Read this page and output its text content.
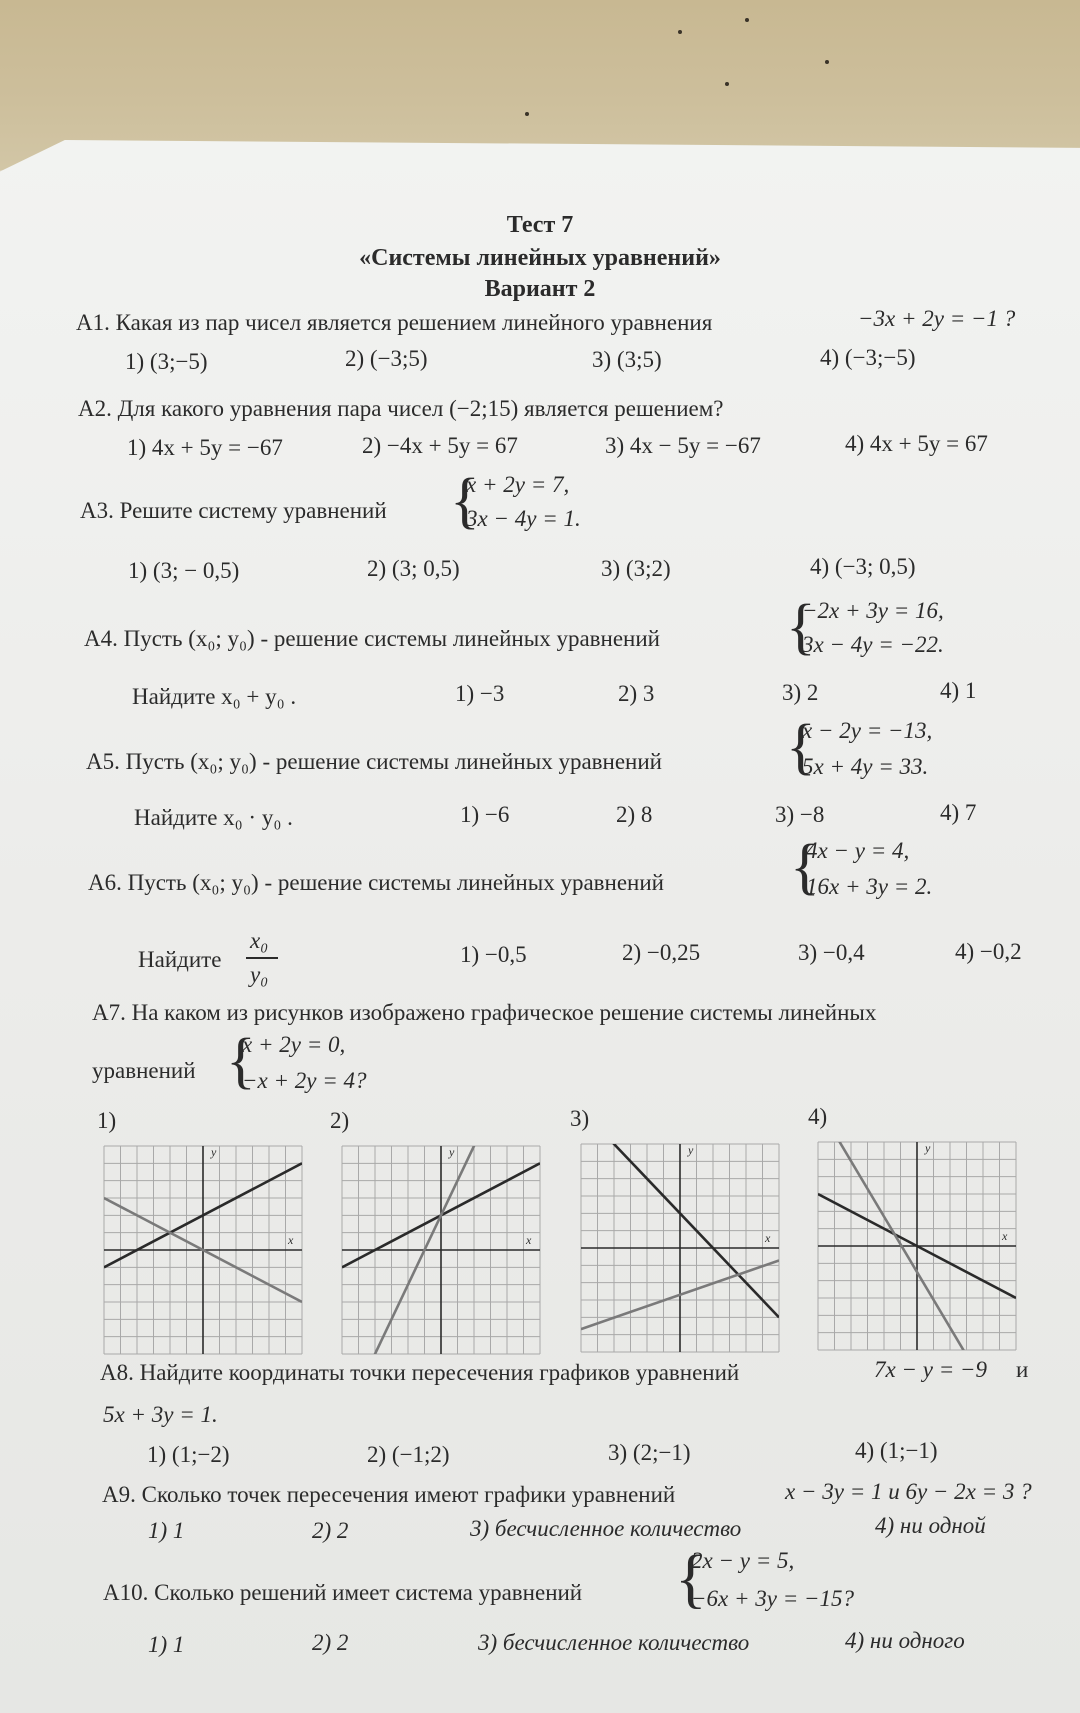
Тест 7
«Системы линейных уравнений»
Вариант 2
А1. Какая из пар чисел является решением линейного уравнения	−3x + 2y = −1 ?
1) (3;−5)	2) (−3;5)	3) (3;5)	4) (−3;−5)
А2. Для какого уравнения пара чисел (−2;15) является решением?
1) 4x + 5y = −67	2) −4x + 5y = 67	3) 4x − 5y = −67	4) 4x + 5y = 67
А3. Решите систему уравнений {
x + 2y = 7,
3x − 4y = 1.
1) (3; − 0,5)	2) (3; 0,5)	3) (3;2)	4) (−3; 0,5)
А4. Пусть (x₀; y₀) - решение системы линейных уравнений {
−2x + 3y = 16,
3x − 4y = −22.
Найдите x₀ + y₀ .	1) −3	2) 3	3) 2	4) 1
А5. Пусть (x₀; y₀) - решение системы линейных уравнений {
x − 2y = −13,
5x + 4y = 33.
Найдите x₀ · y₀ .	1) −6	2) 8	3) −8	4) 7
А6. Пусть (x₀; y₀) - решение системы линейных уравнений {
4x − y = 4,
16x + 3y = 2.
Найдите
x₀
y₀
1) −0,5	2) −0,25	3) −0,4	4) −0,2
А7. На каком из рисунков изображено графическое решение системы линейных
уравнений {
x + 2y = 0,
−x + 2y = 4?
1)	2)	3)	4)
x
y
x
y
x
y
x
y
А8. Найдите координаты точки пересечения графиков уравнений	7x − y = −9 и
5x + 3y = 1.
1) (1;−2)	2) (−1;2)	3) (2;−1)	4) (1;−1)
А9. Сколько точек пересечения имеют графики уравнений	x − 3y = 1 и 6y − 2x = 3 ?
1) 1	2) 2	3) бесчисленное количество	4) ни одной
А10. Сколько решений имеет система уравнений {
2x − y = 5,
−6x + 3y = −15?
1) 1	2) 2	3) бесчисленное количество	4) ни одного
